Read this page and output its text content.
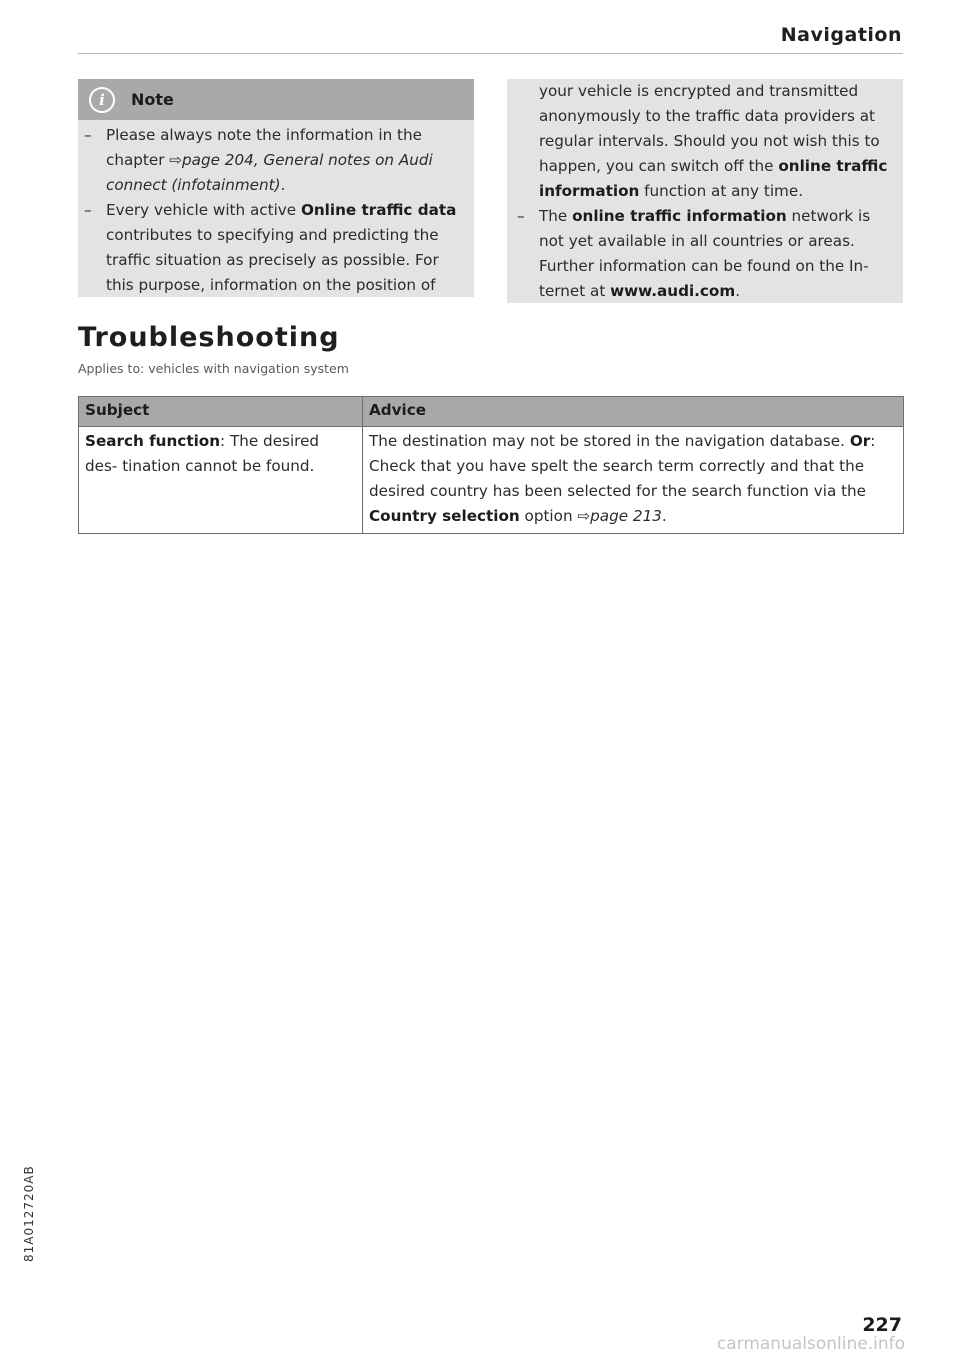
Navigation
i	Note
– Please always note the information in the chapter ⇨page 204, General notes on Audi connect (infotainment).
– Every vehicle with active Online traffic data contributes to specifying and predicting the traffic situation as precisely as possible. For this purpose, information on the position of
your vehicle is encrypted and transmitted anonymously to the traffic data providers at regular intervals. Should you not wish this to happen, you can switch off the online traffic information function at any time.
– The online traffic information network is not yet available in all countries or areas. Further information can be found on the In- ternet at www.audi.com.
Troubleshooting
Applies to: vehicles with navigation system
Subject	Advice
Search function: The desired des- tination cannot be found.	The destination may not be stored in the navigation database. Or: Check that you have spelt the search term correctly and that the desired country has been selected for the search function via the Country selection option ⇨page 213.
81A012720AB
227
carmanualsonline.info
